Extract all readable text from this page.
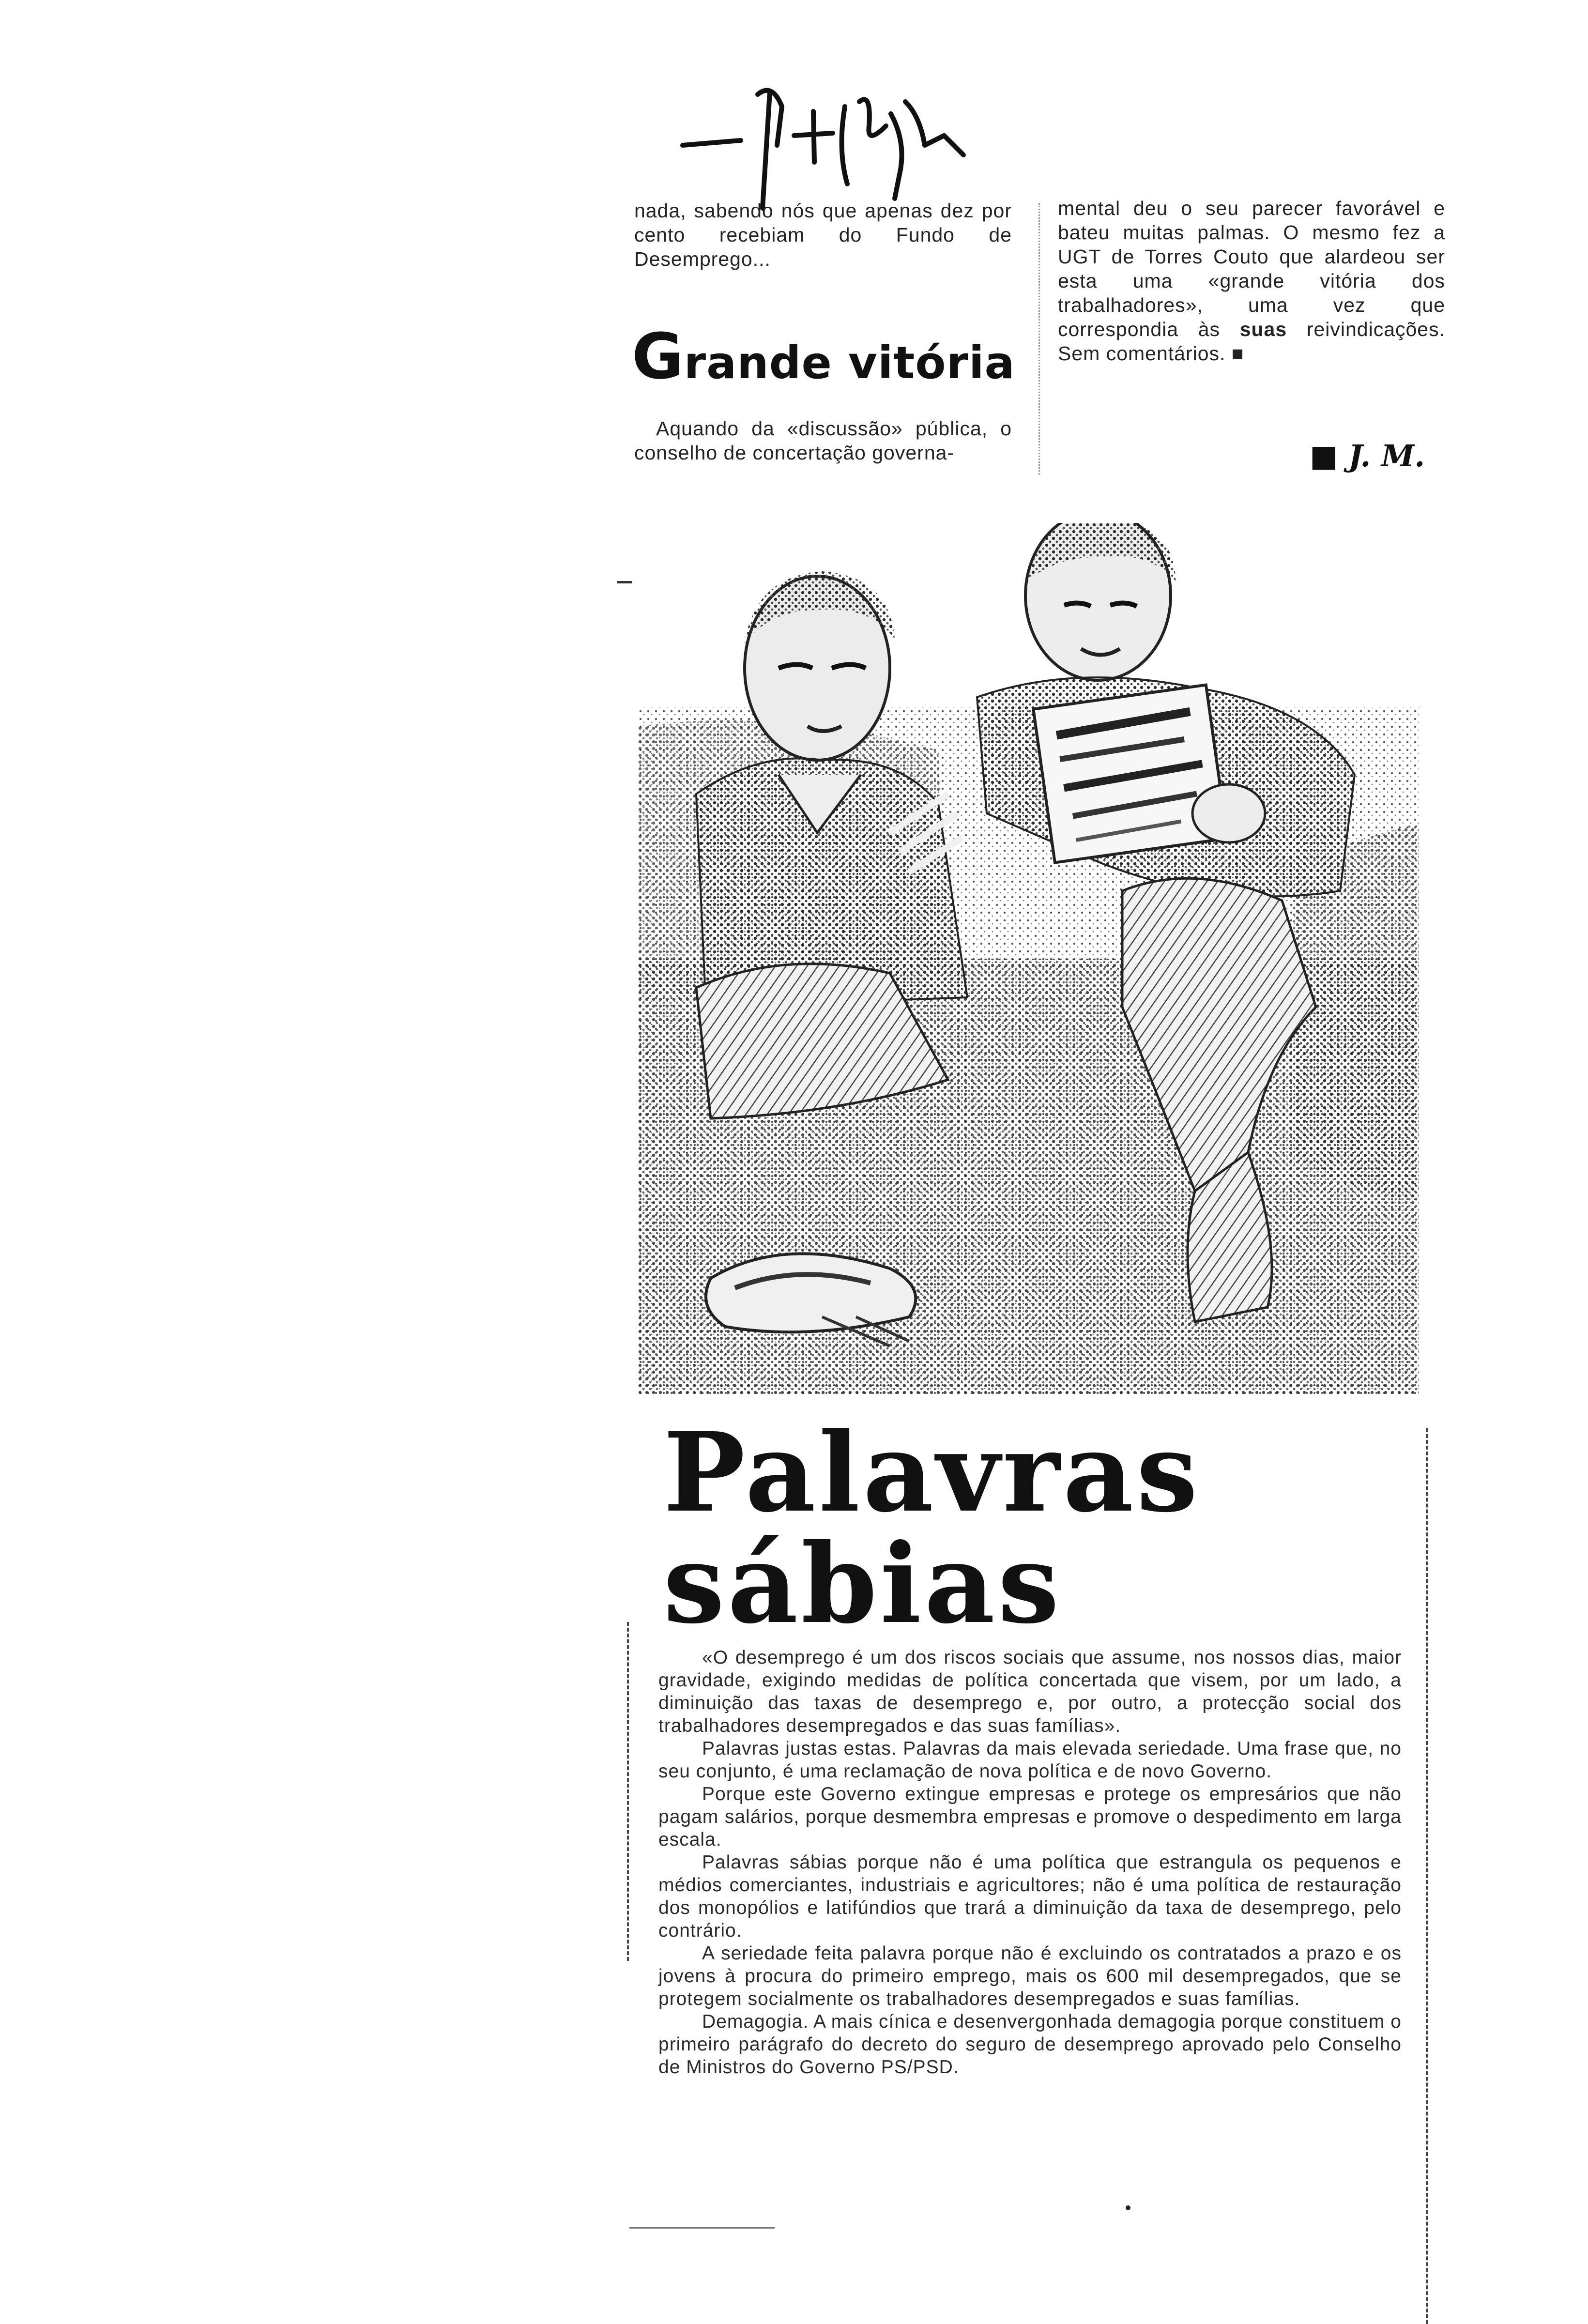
nada, sabendo nós que apenas dez por cento recebiam do Fundo de Desemprego...
Grande vitória
Aquando da «discussão» pública, o conselho de concertação governa-
mental deu o seu parecer favorável e bateu muitas palmas. O mesmo fez a UGT de Torres Couto que alardeou ser esta uma «grande vitória dos trabalhadores», uma vez que correspondia às suas reivindicações. Sem comentários. ■
■ J. M.
Palavras
sábias

«O desemprego é um dos riscos sociais que assume, nos nossos dias, maior gravidade, exigindo medidas de política concertada que visem, por um lado, a diminuição das taxas de desemprego e, por outro, a protecção social dos trabalhadores desempregados e das suas famílias».

Palavras justas estas. Palavras da mais elevada seriedade. Uma frase que, no seu conjunto, é uma reclamação de nova política e de novo Governo.

Porque este Governo extingue empresas e protege os empresários que não pagam salários, porque desmembra empresas e promove o despedimento em larga escala.

Palavras sábias porque não é uma política que estrangula os pequenos e médios comerciantes, industriais e agricultores; não é uma política de restauração dos monopólios e latifúndios que trará a diminuição da taxa de desemprego, pelo contrário.

A seriedade feita palavra porque não é excluindo os contratados a prazo e os jovens à procura do primeiro emprego, mais os 600 mil desempregados, que se protegem socialmente os trabalhadores desempregados e suas famílias.

Demagogia. A mais cínica e desenvergonhada demagogia porque constituem o primeiro parágrafo do decreto do seguro de desemprego aprovado pelo Conselho de Ministros do Governo PS/PSD.
